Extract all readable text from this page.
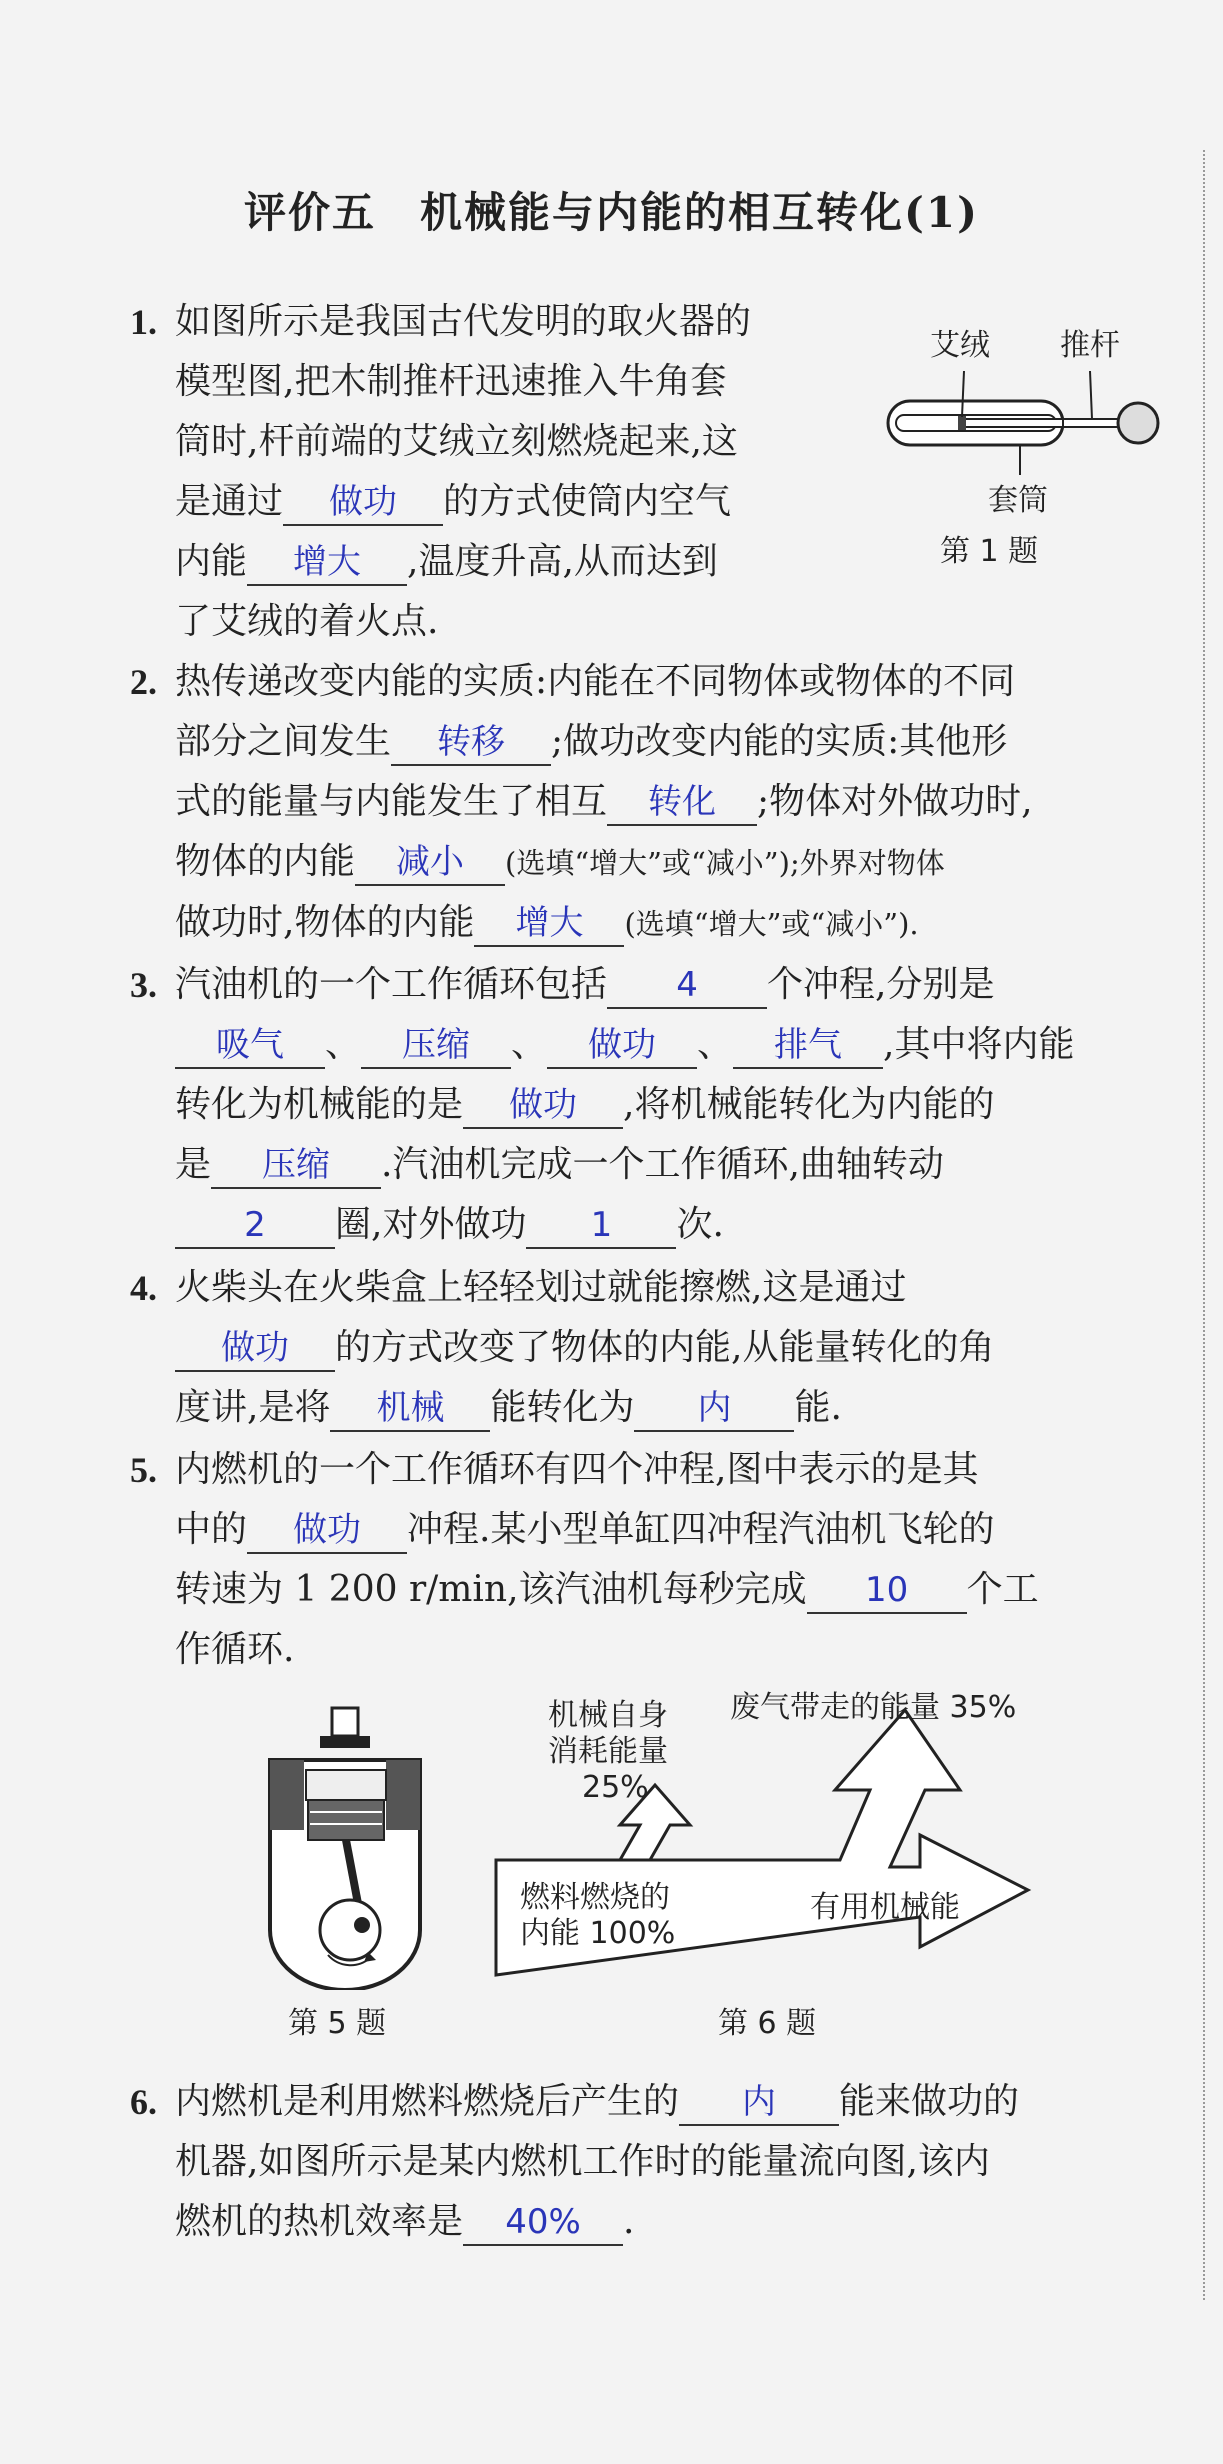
评价五　机械能与内能的相互转化(1)
1. 如图所示是我国古代发明的取火器的
模型图,把木制推杆迅速推入牛角套
筒时,杆前端的艾绒立刻燃烧起来,这
是通过 做功 的方式使筒内空气
内能 增大 ,温度升高,从而达到
了艾绒的着火点.
艾绒 推杆
套筒
第 1 题
2. 热传递改变内能的实质:内能在不同物体或物体的不同
部分之间发生 转移 ;做功改变内能的实质:其他形
式的能量与内能发生了相互 转化 ;物体对外做功时,
物体的内能 减小 (选填“增大”或“减小”);外界对物体
做功时,物体的内能 增大 (选填“增大”或“减小”).
3. 汽油机的一个工作循环包括 4 个冲程,分别是
吸气 、 压缩 、 做功 、 排气 ,其中将内能
转化为机械能的是 做功 ,将机械能转化为内能的
是 压缩 .汽油机完成一个工作循环,曲轴转动
2 圈,对外做功 1 次.
4. 火柴头在火柴盒上轻轻划过就能擦燃,这是通过
做功 的方式改变了物体的内能,从能量转化的角
度讲,是将 机械 能转化为 内 能.
5. 内燃机的一个工作循环有四个冲程,图中表示的是其
中的 做功 冲程.某小型单缸四冲程汽油机飞轮的
转速为 1 200 r/min,该汽油机每秒完成 10 个工
作循环.
第 5 题
废气带走的能量 35%
机械自身
消耗能量
25%
燃料燃烧的
内能 100%
有用机械能
第 6 题
6. 内燃机是利用燃料燃烧后产生的 内 能来做功的
机器,如图所示是某内燃机工作时的能量流向图,该内
燃机的热机效率是 40% .
